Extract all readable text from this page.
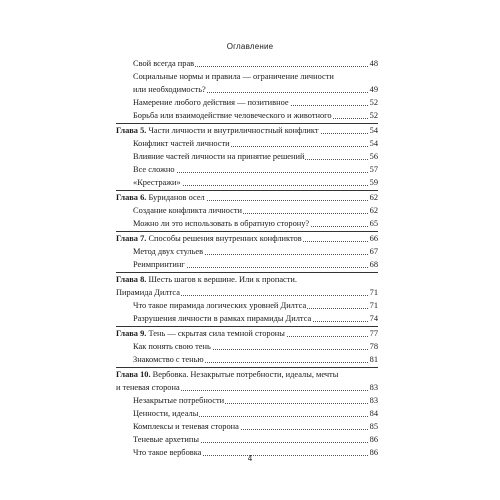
Оглавление
Свой всегда прав	48
Социальные нормы и правила — ограничение личности
или необходимость?	49
Намерение любого действия — позитивное	52
Борьба или взаимодействие человеческого и животного	52
Глава 5. Части личности и внутриличностный конфликт	54
Конфликт частей личности	54
Влияние частей личности на принятие решений	56
Все сложно	57
«Крестражи»	59
Глава 6. Буриданов осел	62
Создание конфликта личности	62
Можно ли это использовать в обратную сторону?	65
Глава 7. Способы решения внутренних конфликтов	66
Метод двух стульев	67
Реимпринтинг	68
Глава 8. Шесть шагов к вершине. Или к пропасти.
Пирамида Дилтса	71
Что такое пирамида логических уровней Дилтса	71
Разрушения личности в рамках пирамиды Дилтса	74
Глава 9. Тень — скрытая сила темной стороны	77
Как понять свою тень	78
Знакомство с тенью	81
Глава 10. Вербовка. Незакрытые потребности, идеалы, мечты
и теневая сторона	83
Незакрытые потребности	83
Ценности, идеалы	84
Комплексы и теневая сторона	85
Теневые архетипы	86
Что такое вербовка	86
4
